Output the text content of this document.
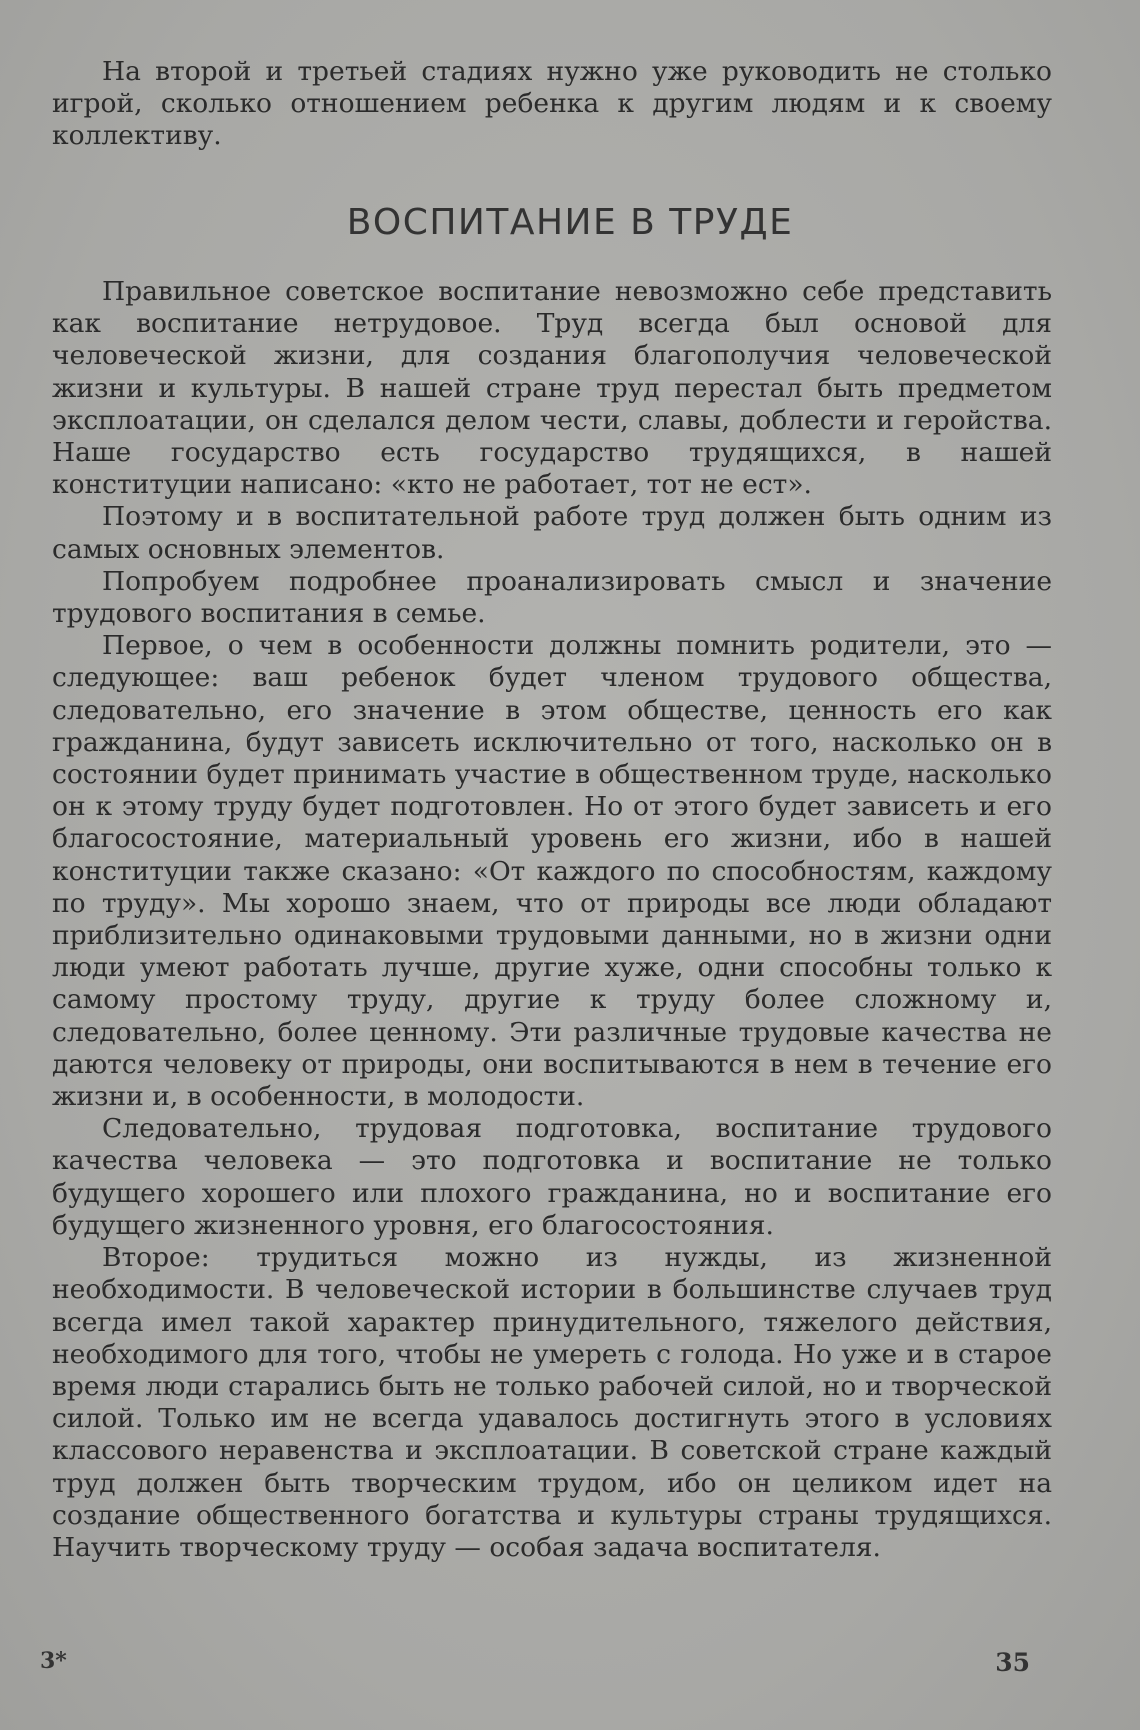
На второй и третьей стадиях нужно уже руководить не столько игрой, сколько отношением ребенка к другим людям и к своему коллективу.

ВОСПИТАНИЕ В ТРУДЕ

Правильное советское воспитание невозможно себе представить как воспитание нетрудовое. Труд всегда был основой для человеческой жизни, для создания благополучия человеческой жизни и культуры. В нашей стране труд перестал быть предметом эксплоатации, он сделался делом чести, славы, доблести и геройства. Наше государство есть государство трудящихся, в нашей конституции написано: «кто не работает, тот не ест».

Поэтому и в воспитательной работе труд должен быть одним из самых основных элементов.

Попробуем подробнее проанализировать смысл и значение трудового воспитания в семье.

Первое, о чем в особенности должны помнить родители, это — следующее: ваш ребенок будет членом трудового общества, следовательно, его значение в этом обществе, ценность его как гражданина, будут зависеть исключительно от того, насколько он в состоянии будет принимать участие в общественном труде, насколько он к этому труду будет подготовлен. Но от этого будет зависеть и его благосостояние, материальный уровень его жизни, ибо в нашей конституции также сказано: «От каждого по способностям, каждому по труду». Мы хорошо знаем, что от природы все люди обладают приблизительно одинаковыми трудовыми данными, но в жизни одни люди умеют работать лучше, другие хуже, одни способны только к самому простому труду, другие к труду более сложному и, следовательно, более ценному. Эти различные трудовые качества не даются человеку от природы, они воспитываются в нем в течение его жизни и, в особенности, в молодости.

Следовательно, трудовая подготовка, воспитание трудового качества человека — это подготовка и воспитание не только будущего хорошего или плохого гражданина, но и воспитание его будущего жизненного уровня, его благосостояния.

Второе: трудиться можно из нужды, из жизненной необходимости. В человеческой истории в большинстве случаев труд всегда имел такой характер принудительного, тяжелого действия, необходимого для того, чтобы не умереть с голода. Но уже и в старое время люди старались быть не только рабочей силой, но и творческой силой. Только им не всегда удавалось достигнуть этого в условиях классового неравенства и эксплоатации. В советской стране каждый труд должен быть творческим трудом, ибо он целиком идет на создание общественного богатства и культуры страны трудящихся. Научить творческому труду — особая задача воспитателя.

3*	35
